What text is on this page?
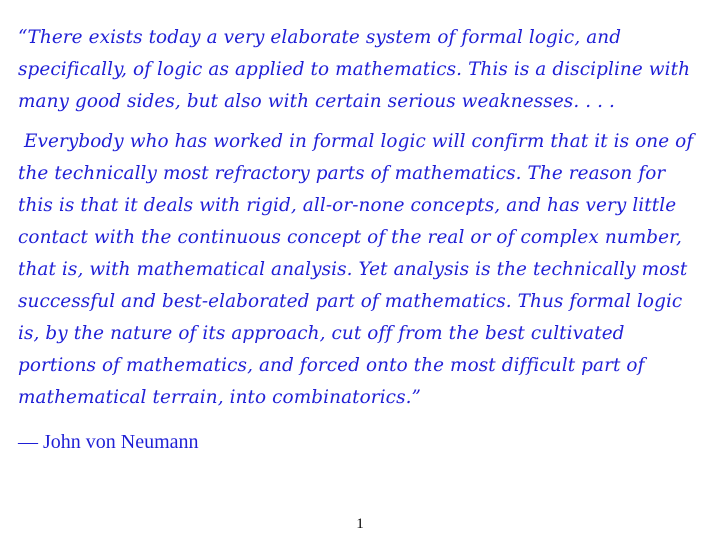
“There exists today a very elaborate system of formal logic, and
specifically, of logic as applied to mathematics. This is a discipline with
many good sides, but also with certain serious weaknesses. . . .

Everybody who has worked in formal logic will confirm that it is one of
the technically most refractory parts of mathematics. The reason for
this is that it deals with rigid, all-or-none concepts, and has very little
contact with the continuous concept of the real or of complex number,
that is, with mathematical analysis. Yet analysis is the technically most
successful and best-elaborated part of mathematics. Thus formal logic
is, by the nature of its approach, cut off from the best cultivated
portions of mathematics, and forced onto the most difficult part of
mathematical terrain, into combinatorics.”

— John von Neumann
1
